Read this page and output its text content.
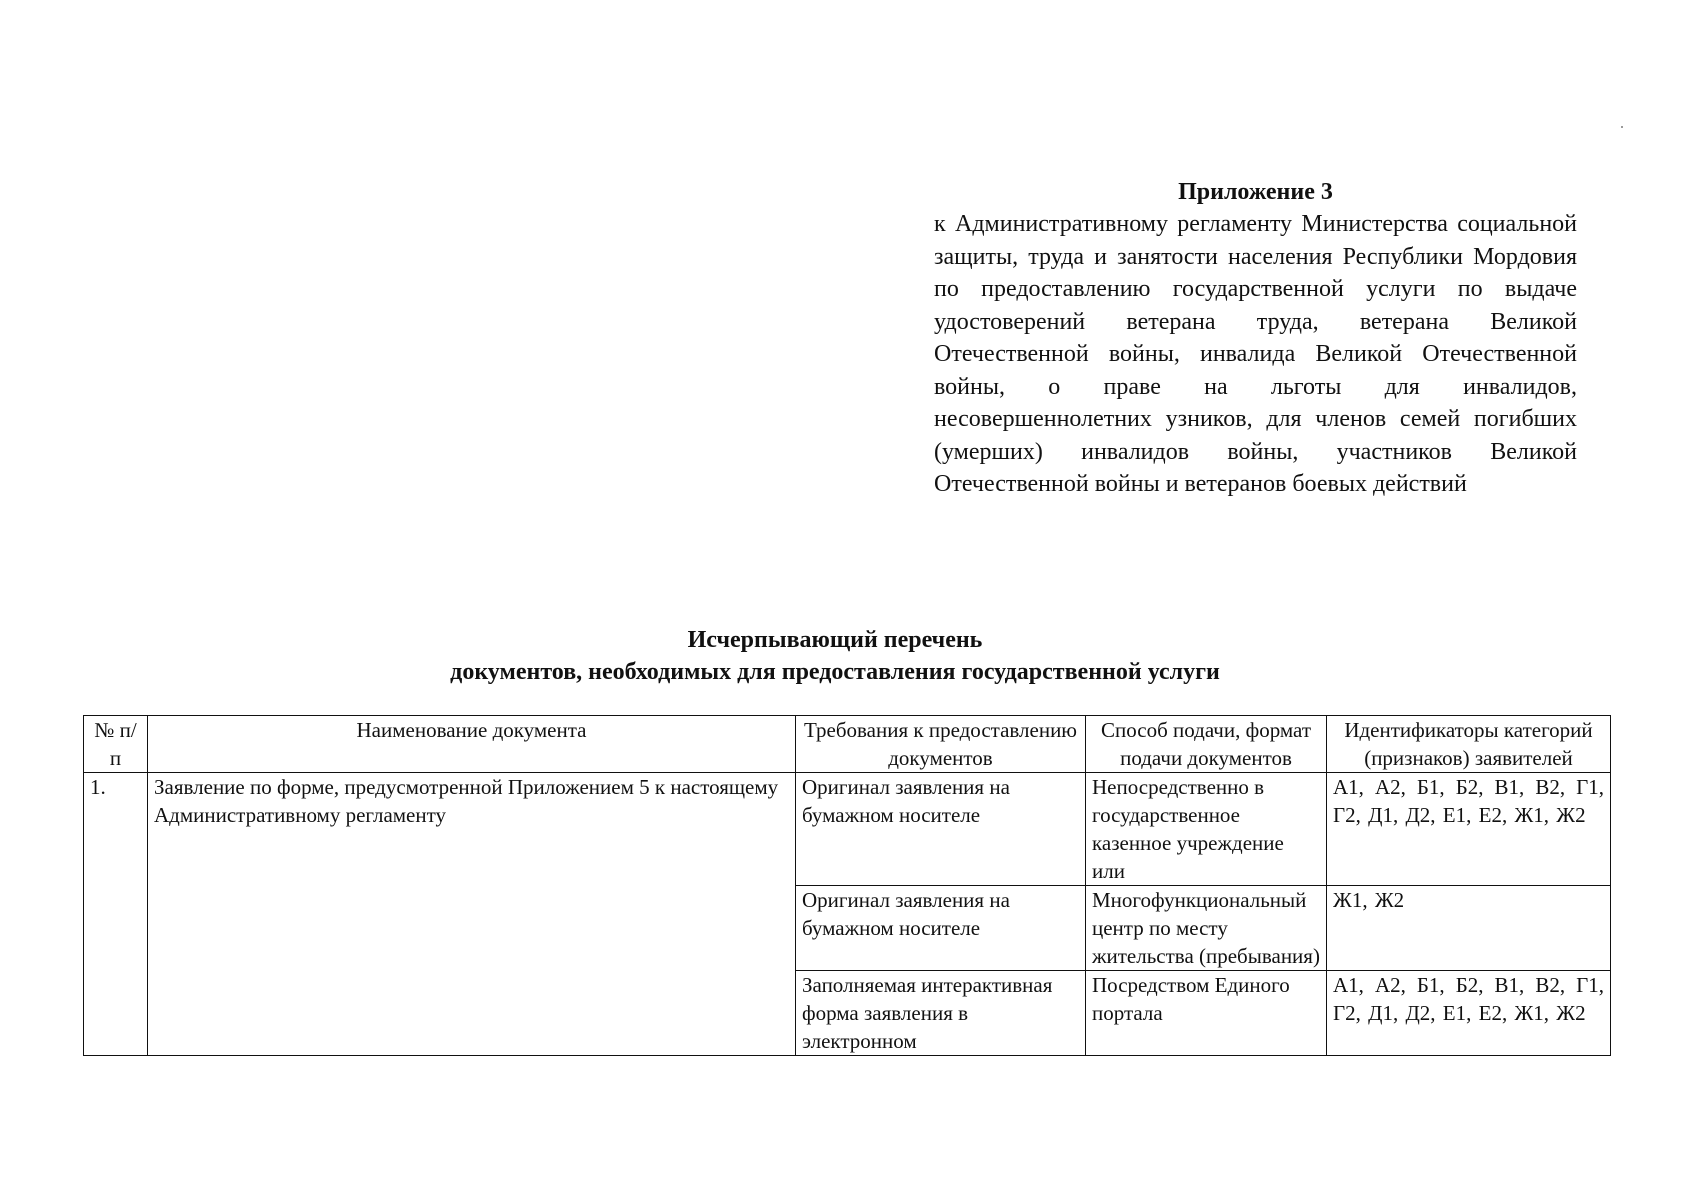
Приложение 3

к Административному регламенту Министерства социальной защиты, труда и занятости населения Республики Мордовия по предоставлению государственной услуги по выдаче удостоверений ветерана труда, ветерана Великой Отечественной войны, инвалида Великой Отечественной войны, о праве на льготы для инвалидов, несовершеннолетних узников, для членов семей погибших (умерших) инвалидов войны, участников Великой Отечественной войны и ветеранов боевых действий

Исчерпывающий перечень
документов, необходимых для предоставления государственной услуги
№ п/п	Наименование документа	Требования к предоставлению документов	Способ подачи, формат подачи документов	Идентификаторы категорий (признаков) заявителей
1.	Заявление по форме, предусмотренной Приложением 5 к настоящему Административному регламенту	Оригинал заявления на бумажном носителе	Непосредственно в государственное казенное учреждение или	А1, А2, Б1, Б2, В1, В2, Г1, Г2, Д1, Д2, Е1, Е2, Ж1, Ж2
		Оригинал заявления на бумажном носителе	Многофункциональный центр по месту жительства (пребывания)	Ж1, Ж2
		Заполняемая интерактивная форма заявления в электронном	Посредством Единого портала	А1, А2, Б1, Б2, В1, В2, Г1, Г2, Д1, Д2, Е1, Е2, Ж1, Ж2
